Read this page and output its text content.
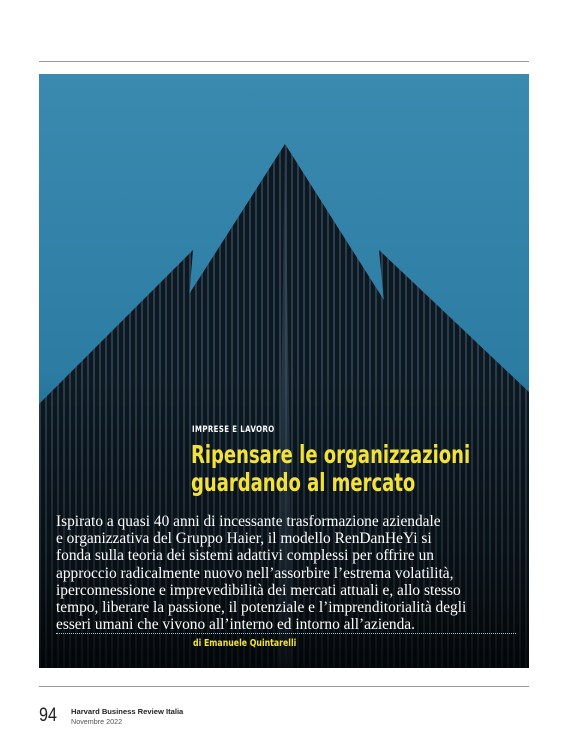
IMPRESE E LAVORO
Ripensare le organizzazioni
guardando al mercato
Ispirato a quasi 40 anni di incessante trasformazione aziendale
e organizzativa del Gruppo Haier, il modello RenDanHeYi si
fonda sulla teoria dei sistemi adattivi complessi per offrire un
approccio radicalmente nuovo nell’assorbire l’estrema volatilità,
iperconnessione e imprevedibilità dei mercati attuali e, allo stesso
tempo, liberare la passione, il potenziale e l’imprenditorialità degli
esseri umani che vivono all’interno ed intorno all’azienda.
di Emanuele Quintarelli
94 Harvard Business Review Italia
Novembre 2022
